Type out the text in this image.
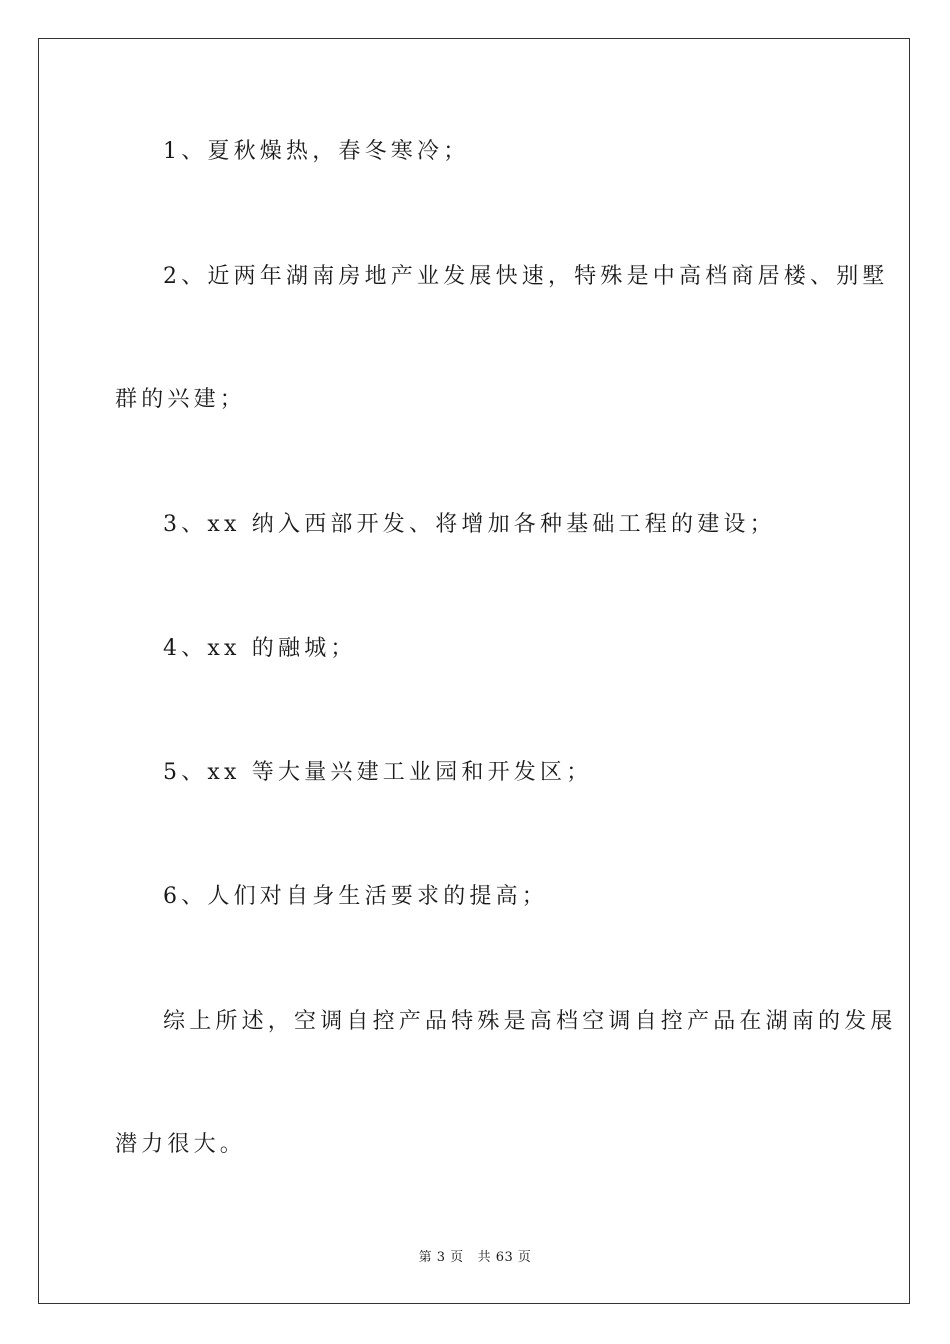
1、夏秋燥热，春冬寒冷；
2、近两年湖南房地产业发展快速，特殊是中高档商居楼、别墅
群的兴建；
3、xx 纳入西部开发、将增加各种基础工程的建设；
4、xx 的融城；
5、xx 等大量兴建工业园和开发区；
6、人们对自身生活要求的提高；
综上所述，空调自控产品特殊是高档空调自控产品在湖南的发展
潜力很大。
第 3 页 共 63 页
